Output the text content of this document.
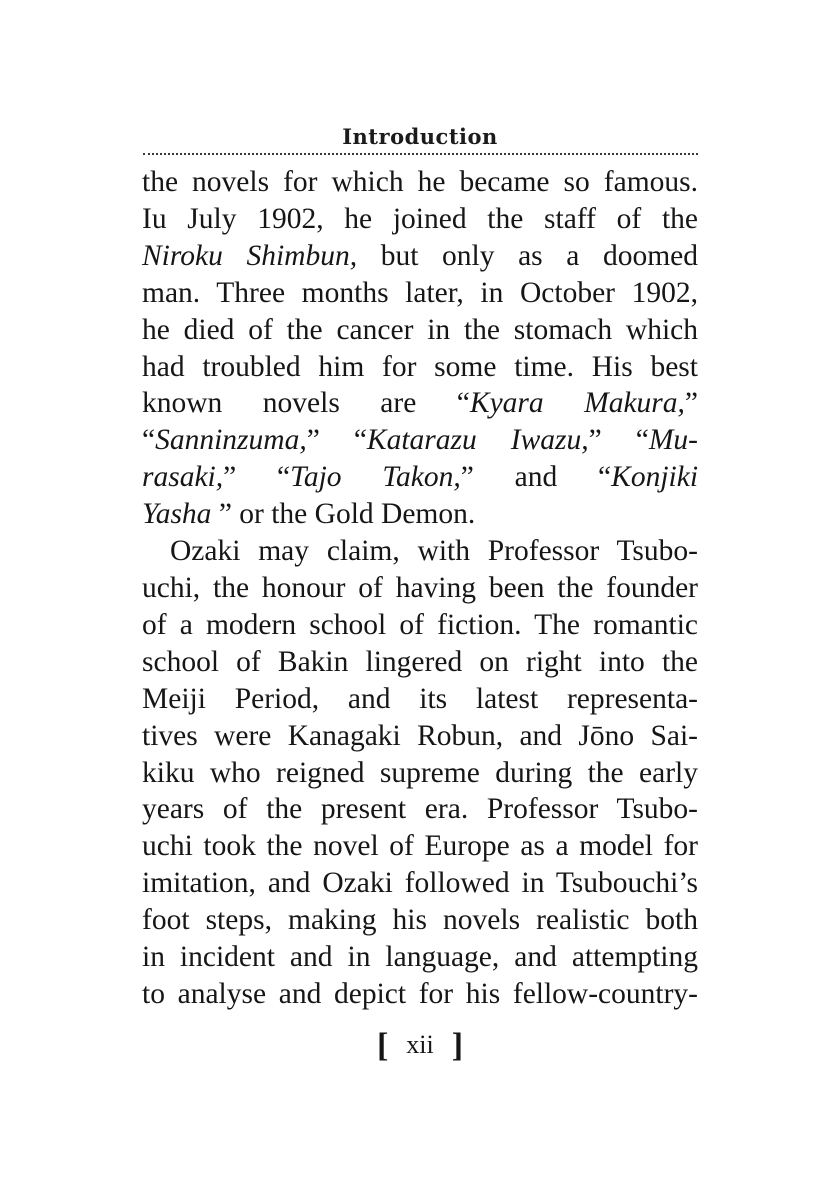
Introduction

the novels for which he became so famous.
Iu July 1902, he joined the staff of the
Niroku Shimbun, but only as a doomed
man. Three months later, in October 1902,
he died of the cancer in the stomach which
had troubled him for some time. His best
known novels are “Kyara Makura,”
“Sanninzuma,” “Katarazu Iwazu,” “Mu-
rasaki,” “Tajo Takon,” and “Konjiki
Yasha ” or the Gold Demon.

Ozaki may claim, with Professor Tsubo-
uchi, the honour of having been the founder
of a modern school of fiction. The romantic
school of Bakin lingered on right into the
Meiji Period, and its latest representa-
tives were Kanagaki Robun, and Jōno Sai-
kiku who reigned supreme during the early
years of the present era. Professor Tsubo-
uchi took the novel of Europe as a model for
imitation, and Ozaki followed in Tsubouchi’s
foot steps, making his novels realistic both
in incident and in language, and attempting
to analyse and depict for his fellow-country-

[ xii ]
